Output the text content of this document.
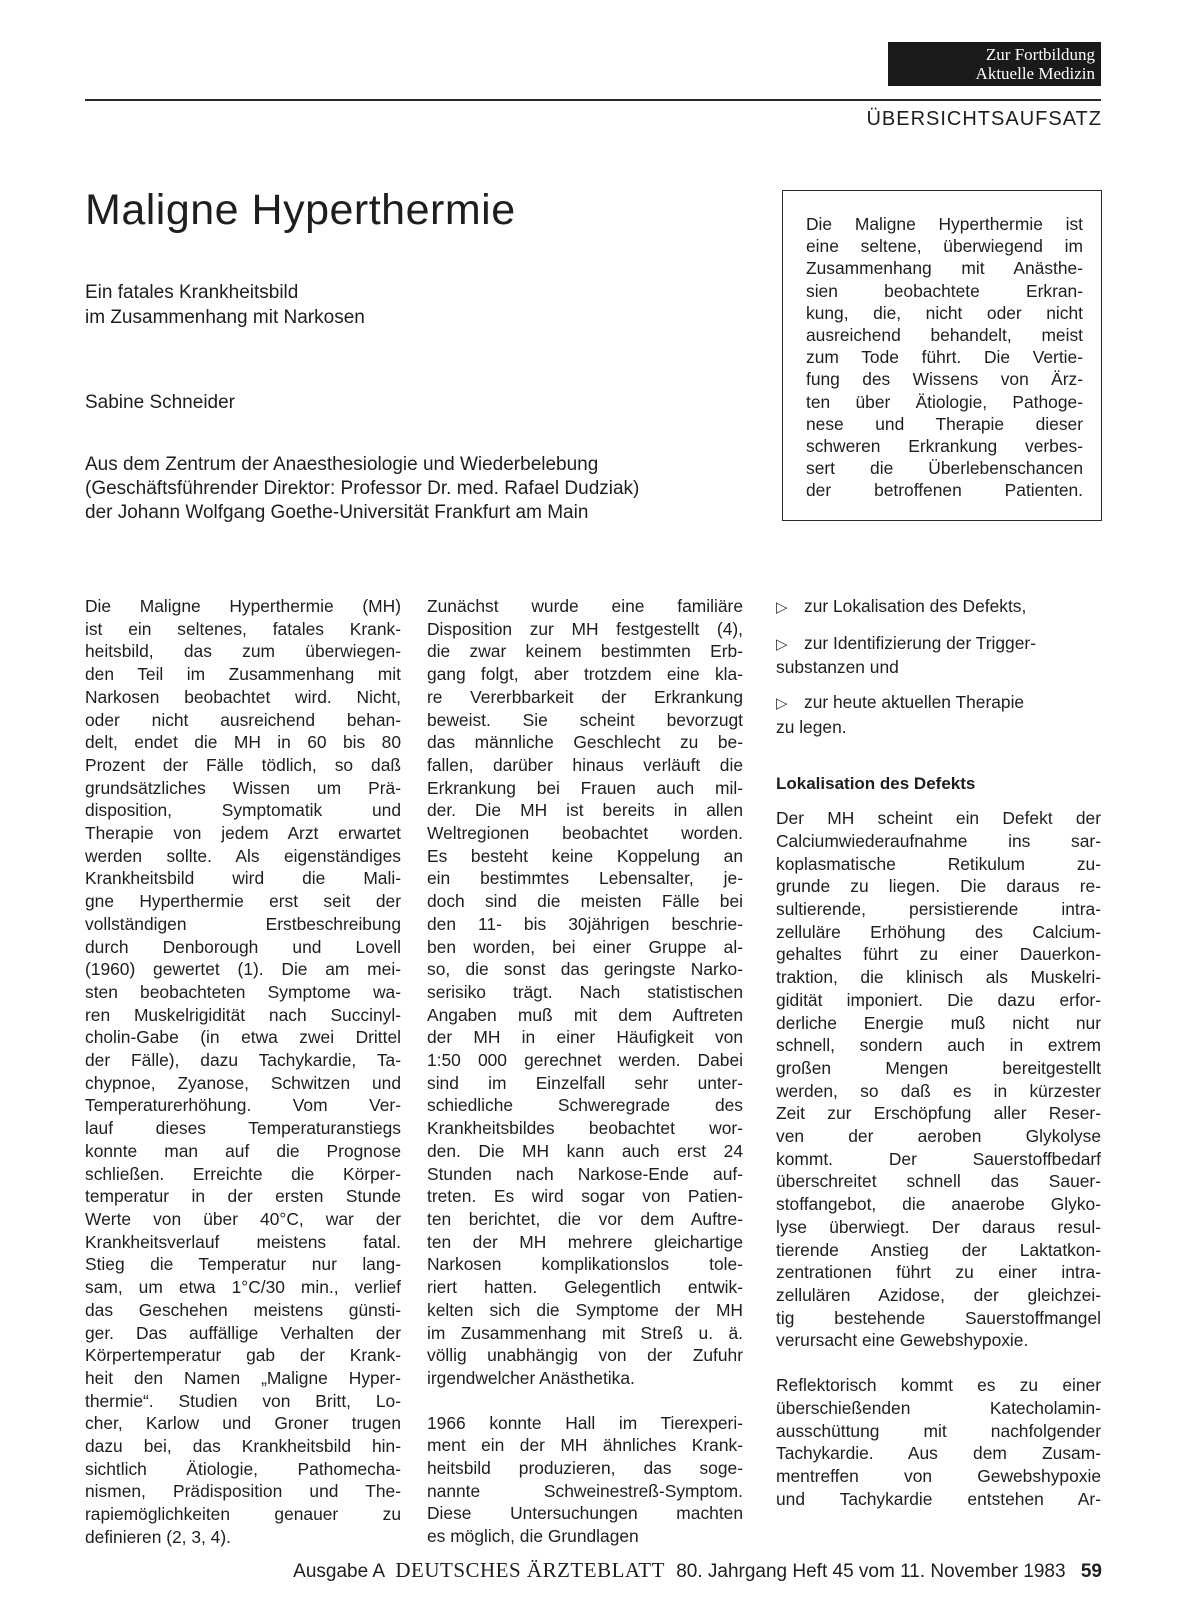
Zur Fortbildung
Aktuelle Medizin
ÜBERSICHTSAUFSATZ
Maligne Hyperthermie
Ein fatales Krankheitsbild
im Zusammenhang mit Narkosen
Sabine Schneider
Aus dem Zentrum der Anaesthesiologie und Wiederbelebung
(Geschäftsführender Direktor: Professor Dr. med. Rafael Dudziak)
der Johann Wolfgang Goethe-Universität Frankfurt am Main
Die Maligne Hyperthermie ist
eine seltene, überwiegend im
Zusammenhang mit Anästhe-
sien beobachtete Erkran-
kung, die, nicht oder nicht
ausreichend behandelt, meist
zum Tode führt. Die Vertie-
fung des Wissens von Ärz-
ten über Ätiologie, Pathoge-
nese und Therapie dieser
schweren Erkrankung verbes-
sert die Überlebenschancen
der betroffenen Patienten.
Die Maligne Hyperthermie (MH)
ist ein seltenes, fatales Krank-
heitsbild, das zum überwiegen-
den Teil im Zusammenhang mit
Narkosen beobachtet wird. Nicht,
oder nicht ausreichend behan-
delt, endet die MH in 60 bis 80
Prozent der Fälle tödlich, so daß
grundsätzliches Wissen um Prä-
disposition, Symptomatik und
Therapie von jedem Arzt erwartet
werden sollte. Als eigenständiges
Krankheitsbild wird die Mali-
gne Hyperthermie erst seit der
vollständigen Erstbeschreibung
durch Denborough und Lovell
(1960) gewertet (1). Die am mei-
sten beobachteten Symptome wa-
ren Muskelrigidität nach Succinyl-
cholin-Gabe (in etwa zwei Drittel
der Fälle), dazu Tachykardie, Ta-
chypnoe, Zyanose, Schwitzen und
Temperaturerhöhung. Vom Ver-
lauf dieses Temperaturanstiegs
konnte man auf die Prognose
schließen. Erreichte die Körper-
temperatur in der ersten Stunde
Werte von über 40°C, war der
Krankheitsverlauf meistens fatal.
Stieg die Temperatur nur lang-
sam, um etwa 1°C/30 min., verlief
das Geschehen meistens günsti-
ger. Das auffällige Verhalten der
Körpertemperatur gab der Krank-
heit den Namen „Maligne Hyper-
thermie“. Studien von Britt, Lo-
cher, Karlow und Groner trugen
dazu bei, das Krankheitsbild hin-
sichtlich Ätiologie, Pathomecha-
nismen, Prädisposition und The-
rapiemöglichkeiten genauer zu
definieren (2, 3, 4).
Zunächst wurde eine familiäre
Disposition zur MH festgestellt (4),
die zwar keinem bestimmten Erb-
gang folgt, aber trotzdem eine kla-
re Vererbbarkeit der Erkrankung
beweist. Sie scheint bevorzugt
das männliche Geschlecht zu be-
fallen, darüber hinaus verläuft die
Erkrankung bei Frauen auch mil-
der. Die MH ist bereits in allen
Weltregionen beobachtet worden.
Es besteht keine Koppelung an
ein bestimmtes Lebensalter, je-
doch sind die meisten Fälle bei
den 11- bis 30jährigen beschrie-
ben worden, bei einer Gruppe al-
so, die sonst das geringste Narko-
serisiko trägt. Nach statistischen
Angaben muß mit dem Auftreten
der MH in einer Häufigkeit von
1:50 000 gerechnet werden. Dabei
sind im Einzelfall sehr unter-
schiedliche Schweregrade des
Krankheitsbildes beobachtet wor-
den. Die MH kann auch erst 24
Stunden nach Narkose-Ende auf-
treten. Es wird sogar von Patien-
ten berichtet, die vor dem Auftre-
ten der MH mehrere gleichartige
Narkosen komplikationslos tole-
riert hatten. Gelegentlich entwik-
kelten sich die Symptome der MH
im Zusammenhang mit Streß u. ä.
völlig unabhängig von der Zufuhr
irgendwelcher Anästhetika.
1966 konnte Hall im Tierexperi-
ment ein der MH ähnliches Krank-
heitsbild produzieren, das soge-
nannte Schweinestreß-Symptom.
Diese Untersuchungen machten
es möglich, die Grundlagen
▷ zur Lokalisation des Defekts,
▷ zur Identifizierung der Trigger-
substanzen und
▷ zur heute aktuellen Therapie
zu legen.
Lokalisation des Defekts
Der MH scheint ein Defekt der
Calciumwiederaufnahme ins sar-
koplasmatische Retikulum zu-
grunde zu liegen. Die daraus re-
sultierende, persistierende intra-
zelluläre Erhöhung des Calcium-
gehaltes führt zu einer Dauerkon-
traktion, die klinisch als Muskelri-
gidität imponiert. Die dazu erfor-
derliche Energie muß nicht nur
schnell, sondern auch in extrem
großen Mengen bereitgestellt
werden, so daß es in kürzester
Zeit zur Erschöpfung aller Reser-
ven der aeroben Glykolyse
kommt. Der Sauerstoffbedarf
überschreitet schnell das Sauer-
stoffangebot, die anaerobe Glyko-
lyse überwiegt. Der daraus resul-
tierende Anstieg der Laktatkon-
zentrationen führt zu einer intra-
zellulären Azidose, der gleichzei-
tig bestehende Sauerstoffmangel
verursacht eine Gewebshypoxie.
Reflektorisch kommt es zu einer
überschießenden Katecholamin-
ausschüttung mit nachfolgender
Tachykardie. Aus dem Zusam-
mentreffen von Gewebshypoxie
und Tachykardie entstehen Ar-
Ausgabe A DEUTSCHES ÄRZTEBLATT 80. Jahrgang Heft 45 vom 11. November 1983 59
